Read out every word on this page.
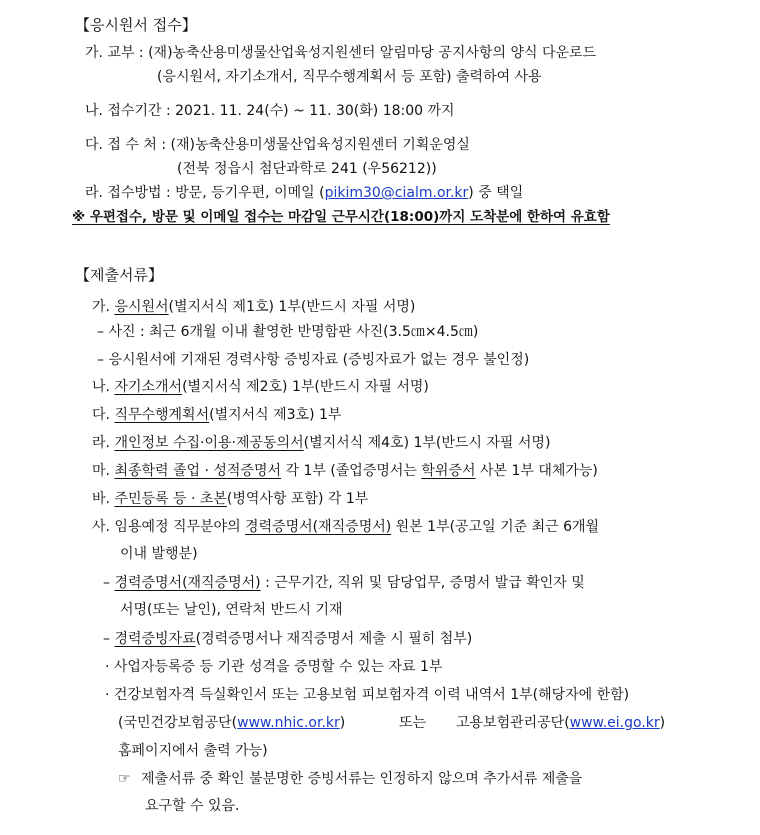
【응시원서 접수】
가. 교부 : (재)농축산용미생물산업육성지원센터 알림마당 공지사항의 양식 다운로드
(응시원서, 자기소개서, 직무수행계획서 등 포함) 출력하여 사용
나. 접수기간 : 2021. 11. 24(수) ~ 11. 30(화) 18:00 까지
다. 접 수 처 : (재)농축산용미생물산업육성지원센터 기획운영실
(전북 정읍시 첨단과학로 241 (우56212))
라. 접수방법 : 방문, 등기우편, 이메일 (pikim30@cialm.or.kr) 중 택일
※ 우편접수, 방문 및 이메일 접수는 마감일 근무시간(18:00)까지 도착분에 한하여 유효함
【제출서류】
가. 응시원서(별지서식 제1호) 1부(반드시 자필 서명)
– 사진 : 최근 6개월 이내 촬영한 반명함판 사진(3.5㎝×4.5㎝)
– 응시원서에 기재된 경력사항 증빙자료 (증빙자료가 없는 경우 불인정)
나. 자기소개서(별지서식 제2호) 1부(반드시 자필 서명)
다. 직무수행계획서(별지서식 제3호) 1부
라. 개인정보 수집·이용·제공동의서(별지서식 제4호) 1부(반드시 자필 서명)
마. 최종학력 졸업 · 성적증명서 각 1부 (졸업증명서는 학위증서 사본 1부 대체가능)
바. 주민등록 등 · 초본(병역사항 포함) 각 1부
사. 임용예정 직무분야의 경력증명서(재직증명서) 원본 1부(공고일 기준 최근 6개월
이내 발행분)
– 경력증명서(재직증명서) : 근무기간, 직위 및 담당업무, 증명서 발급 확인자 및
서명(또는 날인), 연락처 반드시 기재
– 경력증빙자료(경력증명서나 재직증명서 제출 시 필히 첨부)
· 사업자등록증 등 기관 성격을 증명할 수 있는 자료 1부
· 건강보험자격 득실확인서 또는 고용보험 피보험자격 이력 내역서 1부(해당자에 한함)
(국민건강보험공단(www.nhic.or.kr)	또는 고용보험관리공단(www.ei.go.kr)
홈페이지에서 출력 가능)
☞ 제출서류 중 확인 불분명한 증빙서류는 인정하지 않으며 추가서류 제출을
요구할 수 있음.
